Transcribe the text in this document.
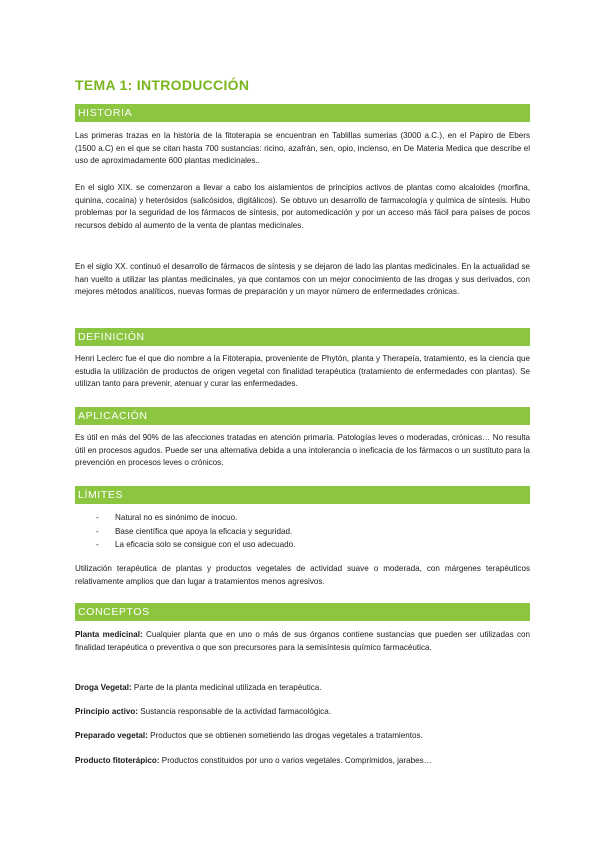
TEMA 1: INTRODUCCIÓN
HISTORIA

Las primeras trazas en la historia de la fitoterapia se encuentran en Tablillas sumerias (3000 a.C.), en el Papiro de Ebers (1500 a.C) en el que se citan hasta 700 sustancias: ricino, azafrán, sen, opio, incienso, en De Materia Medica que describe el uso de aproximadamente 600 plantas medicinales..

En el siglo XIX. se comenzaron a llevar a cabo los aislamientos de principios activos de plantas como alcaloides (morfina, quinina, cocaína) y heterósidos (salicósidos, digitálicos). Se obtuvo un desarrollo de farmacología y química de síntesis. Hubo problemas por la seguridad de los fármacos de síntesis, por automedicación y por un acceso más fácil para países de pocos recursos debido al aumento de la venta de plantas medicinales.

En el siglo XX. continuó el desarrollo de fármacos de síntesis y se dejaron de lado las plantas medicinales. En la actualidad se han vuelto a utilizar las plantas medicinales, ya que contamos con un mejor conocimiento de las drogas y sus derivados, con mejores métodos analíticos, nuevas formas de preparación y un mayor número de enfermedades crónicas.

DEFINICIÓN

Henri Leclerc fue el que dio nombre a la Fitoterapia, proveniente de Phytón, planta y Therapeía, tratamiento, es la ciencia que estudia la utilización de productos de origen vegetal con finalidad terapéutica (tratamiento de enfermedades con plantas). Se utilizan tanto para prevenir, atenuar y curar las enfermedades.

APLICACIÓN

Es útil en más del 90% de las afecciones tratadas en atención primaria. Patologías leves o moderadas, crónicas… No resulta útil en procesos agudos. Puede ser una alternativa debida a una intolerancia o ineficacia de los fármacos o un sustituto para la prevención en procesos leves o crónicos.

LÍMITES
- Natural no es sinónimo de inocuo.
- Base científica que apoya la eficacia y seguridad.
- La eficacia solo se consigue con el uso adecuado.

Utilización terapéutica de plantas y productos vegetales de actividad suave o moderada, con márgenes terapéuticos relativamente amplios que dan lugar a tratamientos menos agresivos.

CONCEPTOS

Planta medicinal: Cualquier planta que en uno o más de sus órganos contiene sustancias que pueden ser utilizadas con finalidad terapéutica o preventiva o que son precursores para la semisíntesis químico farmacéutica.

Droga Vegetal: Parte de la planta medicinal utilizada en terapéutica.

Principio activo: Sustancia responsable de la actividad farmacológica.

Preparado vegetal: Productos que se obtienen sometiendo las drogas vegetales a tratamientos.

Producto fitoterápico: Productos constituidos por uno o varios vegetales. Comprimidos, jarabes…
